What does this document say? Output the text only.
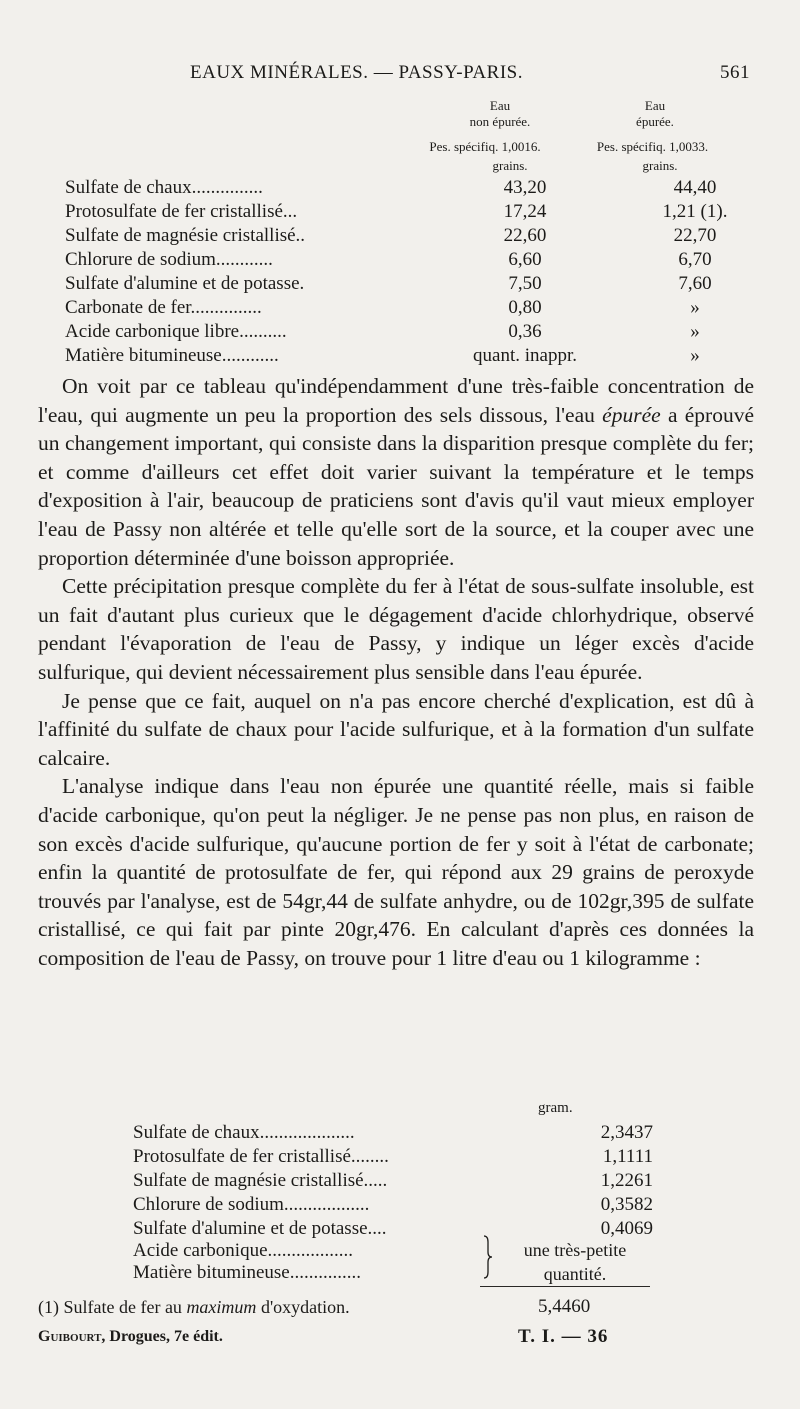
EAUX MINÉRALES. — PASSY-PARIS.	561
Eau
non épurée.
Eau
épurée.
Pes. spécifiq. 1,0016.	Pes. spécifiq. 1,0033.
grains.	grains.
Sulfate de chaux...............	43,20	44,40
Protosulfate de fer cristallisé...	17,24	1,21 (1).
Sulfate de magnésie cristallisé..	22,60	22,70
Chlorure de sodium............	6,60	6,70
Sulfate d'alumine et de potasse.	7,50	7,60
Carbonate de fer...............	0,80	»
Acide carbonique libre..........	0,36	»
Matière bitumineuse............	quant. inappr.	»

On voit par ce tableau qu'indépendamment d'une très-faible concentration de l'eau, qui augmente un peu la proportion des sels dissous, l'eau épurée a éprouvé un changement important, qui consiste dans la disparition presque complète du fer; et comme d'ailleurs cet effet doit varier suivant la température et le temps d'exposition à l'air, beaucoup de praticiens sont d'avis qu'il vaut mieux employer l'eau de Passy non altérée et telle qu'elle sort de la source, et la couper avec une proportion déterminée d'une boisson appropriée.

Cette précipitation presque complète du fer à l'état de sous-sulfate insoluble, est un fait d'autant plus curieux que le dégagement d'acide chlorhydrique, observé pendant l'évaporation de l'eau de Passy, y indique un léger excès d'acide sulfurique, qui devient nécessairement plus sensible dans l'eau épurée.

Je pense que ce fait, auquel on n'a pas encore cherché d'explication, est dû à l'affinité du sulfate de chaux pour l'acide sulfurique, et à la formation d'un sulfate calcaire.

L'analyse indique dans l'eau non épurée une quantité réelle, mais si faible d'acide carbonique, qu'on peut la négliger. Je ne pense pas non plus, en raison de son excès d'acide sulfurique, qu'aucune portion de fer y soit à l'état de carbonate; enfin la quantité de protosulfate de fer, qui répond aux 29 grains de peroxyde trouvés par l'analyse, est de 54gr,44 de sulfate anhydre, ou de 102gr,395 de sulfate cristallisé, ce qui fait par pinte 20gr,476. En calculant d'après ces données la composition de l'eau de Passy, on trouve pour 1 litre d'eau ou 1 kilogramme :

gram.
Sulfate de chaux....................	2,3437
Protosulfate de fer cristallisé........	1,1111
Sulfate de magnésie cristallisé.....	1,2261
Chlorure de sodium..................	0,3582
Sulfate d'alumine et de potasse....	0,4069
Acide carbonique..................
Matière bitumineuse...............
une très-petite
quantité.
(1) Sulfate de fer au maximum d'oxydation.	5,4460
Guibourt, Drogues, 7e édit.	T. I. — 36
